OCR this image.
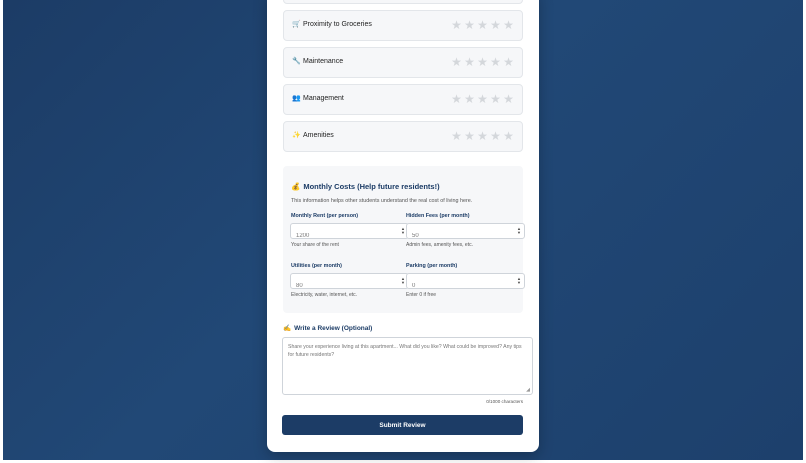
🛒 Proximity to Groceries	★ ★ ★ ★ ★
🔧 Maintenance	★ ★ ★ ★ ★
👥 Management	★ ★ ★ ★ ★
✨ Amenities	★ ★ ★ ★ ★
💰 Monthly Costs (Help future residents!)
This information helps other students understand the real cost of living here.
Monthly Rent (per person)
1200
▲
▼
Your share of the rent
Hidden Fees (per month)
50
▲
▼
Admin fees, amenity fees, etc.
Utilities (per month)
80
▲
▼
Electricity, water, internet, etc.
Parking (per month)
0
▲
▼
Enter 0 if free
✍️ Write a Review (Optional)
Share your experience living at this apartment... What did you like? What could be improved? Any tips for future residents?
◢
0/1000 characters
Submit Review
